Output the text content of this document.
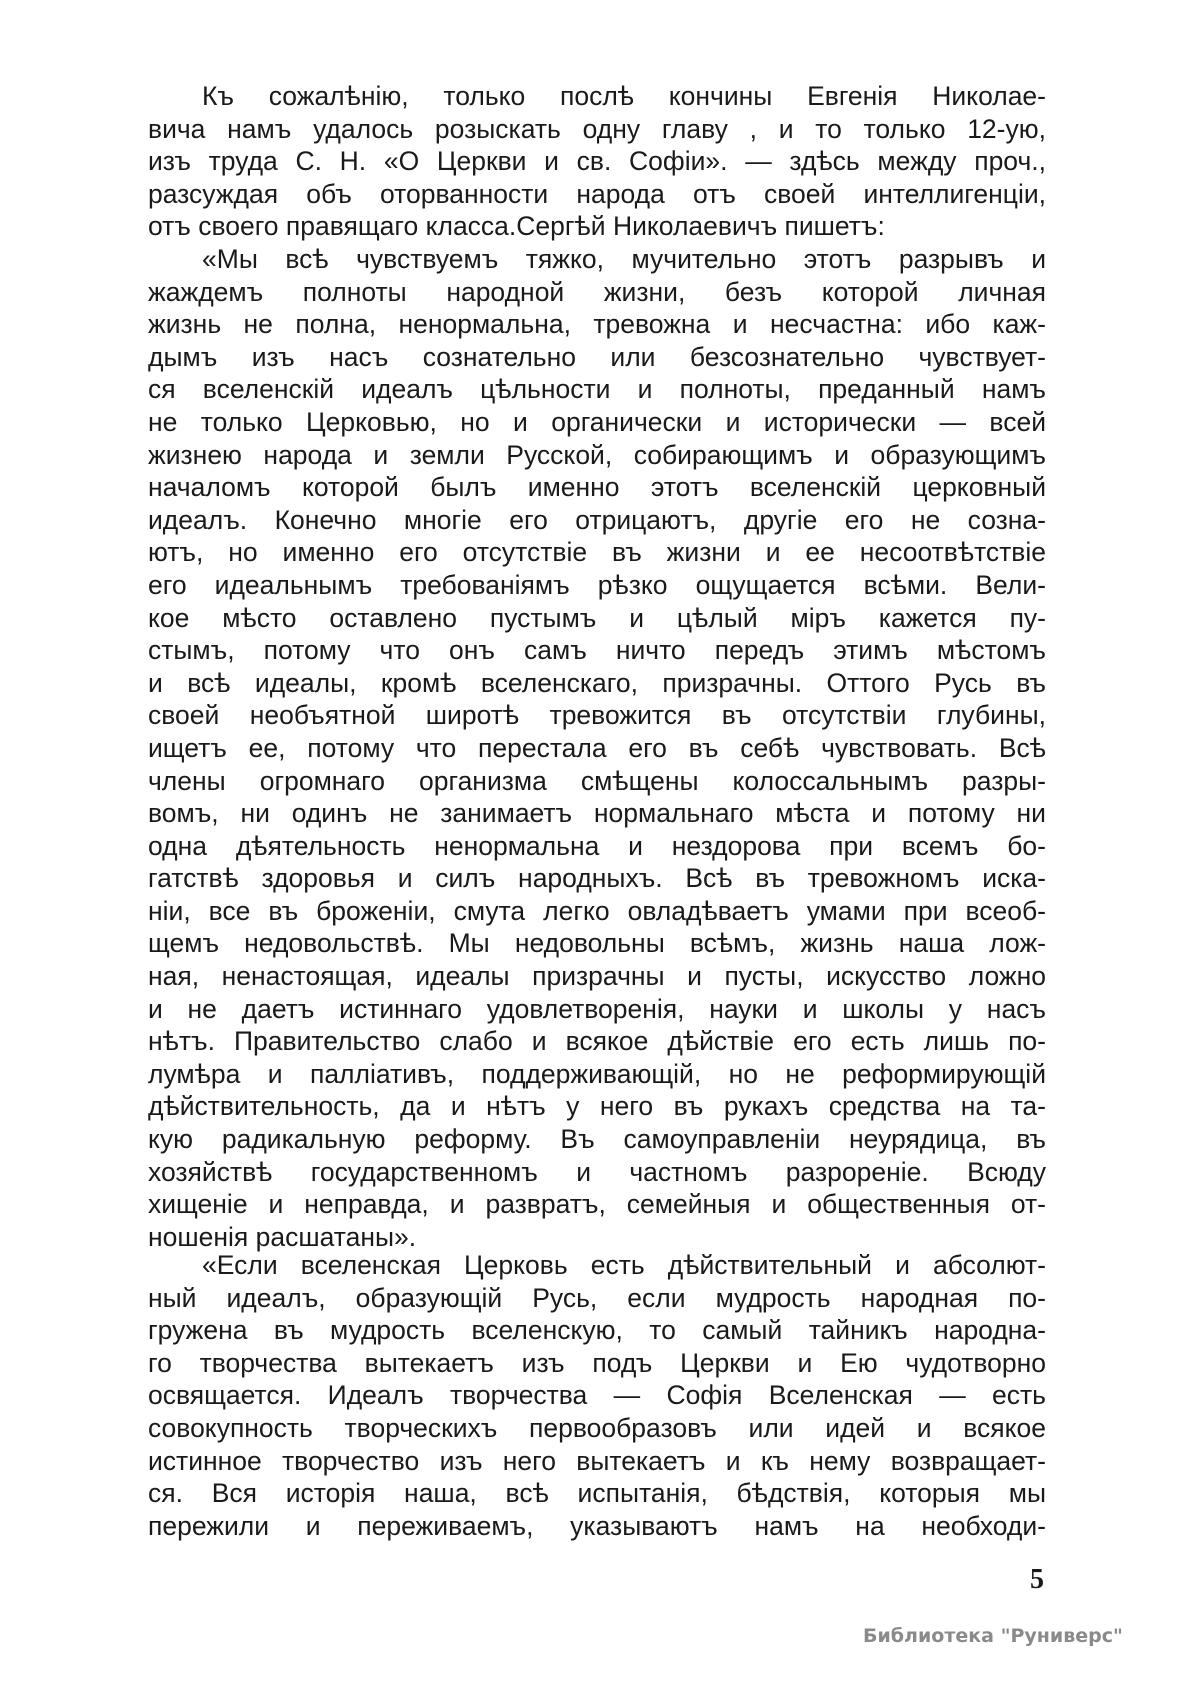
Къ сожалѣнію, только послѣ кончины Евгенія Николае-
вича намъ удалось розыскать одну главу , и то только 12-ую,
изъ труда С. Н. «О Церкви и св. Софіи». — здѣсь между проч.,
разсуждая объ оторванности народа отъ своей интеллигенціи,
отъ своего правящаго класса.Сергѣй Николаевичъ пишетъ:
«Мы всѣ чувствуемъ тяжко, мучительно этотъ разрывъ и
жаждемъ полноты народной жизни, безъ которой личная
жизнь не полна, ненормальна, тревожна и несчастна: ибо каж-
дымъ изъ насъ сознательно или безсознательно чувствует-
ся вселенскій идеалъ цѣльности и полноты, преданный намъ
не только Церковью, но и органически и исторически — всей
жизнею народа и земли Русской, собирающимъ и образующимъ
началомъ которой былъ именно этотъ вселенскій церковный
идеалъ. Конечно многіе его отрицаютъ, другіе его не созна-
ютъ, но именно его отсутствіе въ жизни и ее несоотвѣтствіе
его идеальнымъ требованіямъ рѣзко ощущается всѣми. Вели-
кое мѣсто оставлено пустымъ и цѣлый міръ кажется пу-
стымъ, потому что онъ самъ ничто передъ этимъ мѣстомъ
и всѣ идеалы, кромѣ вселенскаго, призрачны. Оттого Русь въ
своей необъятной широтѣ тревожится въ отсутствіи глубины,
ищетъ ее, потому что перестала его въ себѣ чувствовать. Всѣ
члены огромнаго организма смѣщены колоссальнымъ разры-
вомъ, ни одинъ не занимаетъ нормальнаго мѣста и потому ни
одна дѣятельность ненормальна и нездорова при всемъ бо-
гатствѣ здоровья и силъ народныхъ. Всѣ въ тревожномъ иска-
ніи, все въ броженіи, смута легко овладѣваетъ умами при всеоб-
щемъ недовольствѣ. Мы недовольны всѣмъ, жизнь наша лож-
ная, ненастоящая, идеалы призрачны и пусты, искусство ложно
и не даетъ истиннаго удовлетворенія, науки и школы у насъ
нѣтъ. Правительство слабо и всякое дѣйствіе его есть лишь по-
лумѣра и палліативъ, поддерживающій, но не реформирующій
дѣйствительность, да и нѣтъ у него въ рукахъ средства на та-
кую радикальную реформу. Въ самоуправленіи неурядица, въ
хозяйствѣ государственномъ и частномъ разрореніе. Всюду
хищеніе и неправда, и развратъ, семейныя и общественныя от-
ношенія расшатаны».
«Если вселенская Церковь есть дѣйствительный и абсолют-
ный идеалъ, образующій Русь, если мудрость народная по-
гружена въ мудрость вселенскую, то самый тайникъ народна-
го творчества вытекаетъ изъ подъ Церкви и Ею чудотворно
освящается. Идеалъ творчества — Софія Вселенская — есть
совокупность творческихъ первообразовъ или идей и всякое
истинное творчество изъ него вытекаетъ и къ нему возвращает-
ся. Вся исторія наша, всѣ испытанія, бѣдствія, которыя мы
пережили и переживаемъ, указываютъ намъ на необходи-
5
Библиотека "Руниверс"
